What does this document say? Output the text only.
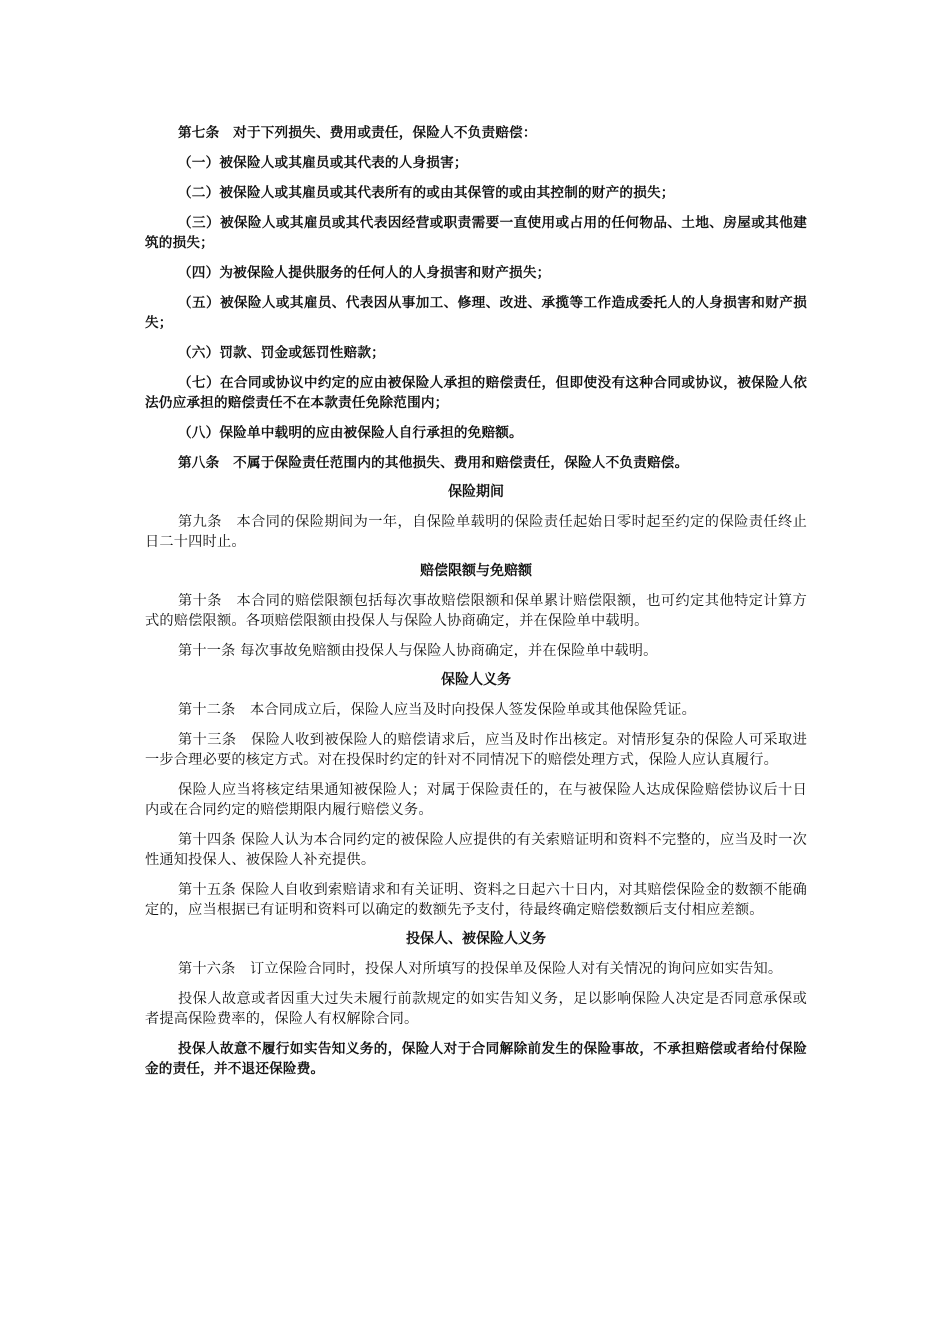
第七条　对于下列损失、费用或责任，保险人不负责赔偿：

（一）被保险人或其雇员或其代表的人身损害；

（二）被保险人或其雇员或其代表所有的或由其保管的或由其控制的财产的损失；

（三）被保险人或其雇员或其代表因经营或职责需要一直使用或占用的任何物品、土地、房屋或其他建筑的损失；

（四）为被保险人提供服务的任何人的人身损害和财产损失；

（五）被保险人或其雇员、代表因从事加工、修理、改进、承揽等工作造成委托人的人身损害和财产损失；

（六）罚款、罚金或惩罚性赔款；

（七）在合同或协议中约定的应由被保险人承担的赔偿责任，但即使没有这种合同或协议，被保险人依法仍应承担的赔偿责任不在本款责任免除范围内；

（八）保险单中载明的应由被保险人自行承担的免赔额。

第八条　不属于保险责任范围内的其他损失、费用和赔偿责任，保险人不负责赔偿。

保险期间

第九条　本合同的保险期间为一年，自保险单载明的保险责任起始日零时起至约定的保险责任终止日二十四时止。

赔偿限额与免赔额

第十条　本合同的赔偿限额包括每次事故赔偿限额和保单累计赔偿限额，也可约定其他特定计算方式的赔偿限额。各项赔偿限额由投保人与保险人协商确定，并在保险单中载明。

第十一条 每次事故免赔额由投保人与保险人协商确定，并在保险单中载明。

保险人义务

第十二条　本合同成立后，保险人应当及时向投保人签发保险单或其他保险凭证。

第十三条　保险人收到被保险人的赔偿请求后，应当及时作出核定。对情形复杂的保险人可采取进一步合理必要的核定方式。对在投保时约定的针对不同情况下的赔偿处理方式，保险人应认真履行。

保险人应当将核定结果通知被保险人；对属于保险责任的，在与被保险人达成保险赔偿协议后十日内或在合同约定的赔偿期限内履行赔偿义务。

第十四条 保险人认为本合同约定的被保险人应提供的有关索赔证明和资料不完整的，应当及时一次性通知投保人、被保险人补充提供。

第十五条 保险人自收到索赔请求和有关证明、资料之日起六十日内，对其赔偿保险金的数额不能确定的，应当根据已有证明和资料可以确定的数额先予支付，待最终确定赔偿数额后支付相应差额。

投保人、被保险人义务

第十六条　订立保险合同时，投保人对所填写的投保单及保险人对有关情况的询问应如实告知。

投保人故意或者因重大过失未履行前款规定的如实告知义务，足以影响保险人决定是否同意承保或者提高保险费率的，保险人有权解除合同。

投保人故意不履行如实告知义务的，保险人对于合同解除前发生的保险事故，不承担赔偿或者给付保险金的责任，并不退还保险费。
